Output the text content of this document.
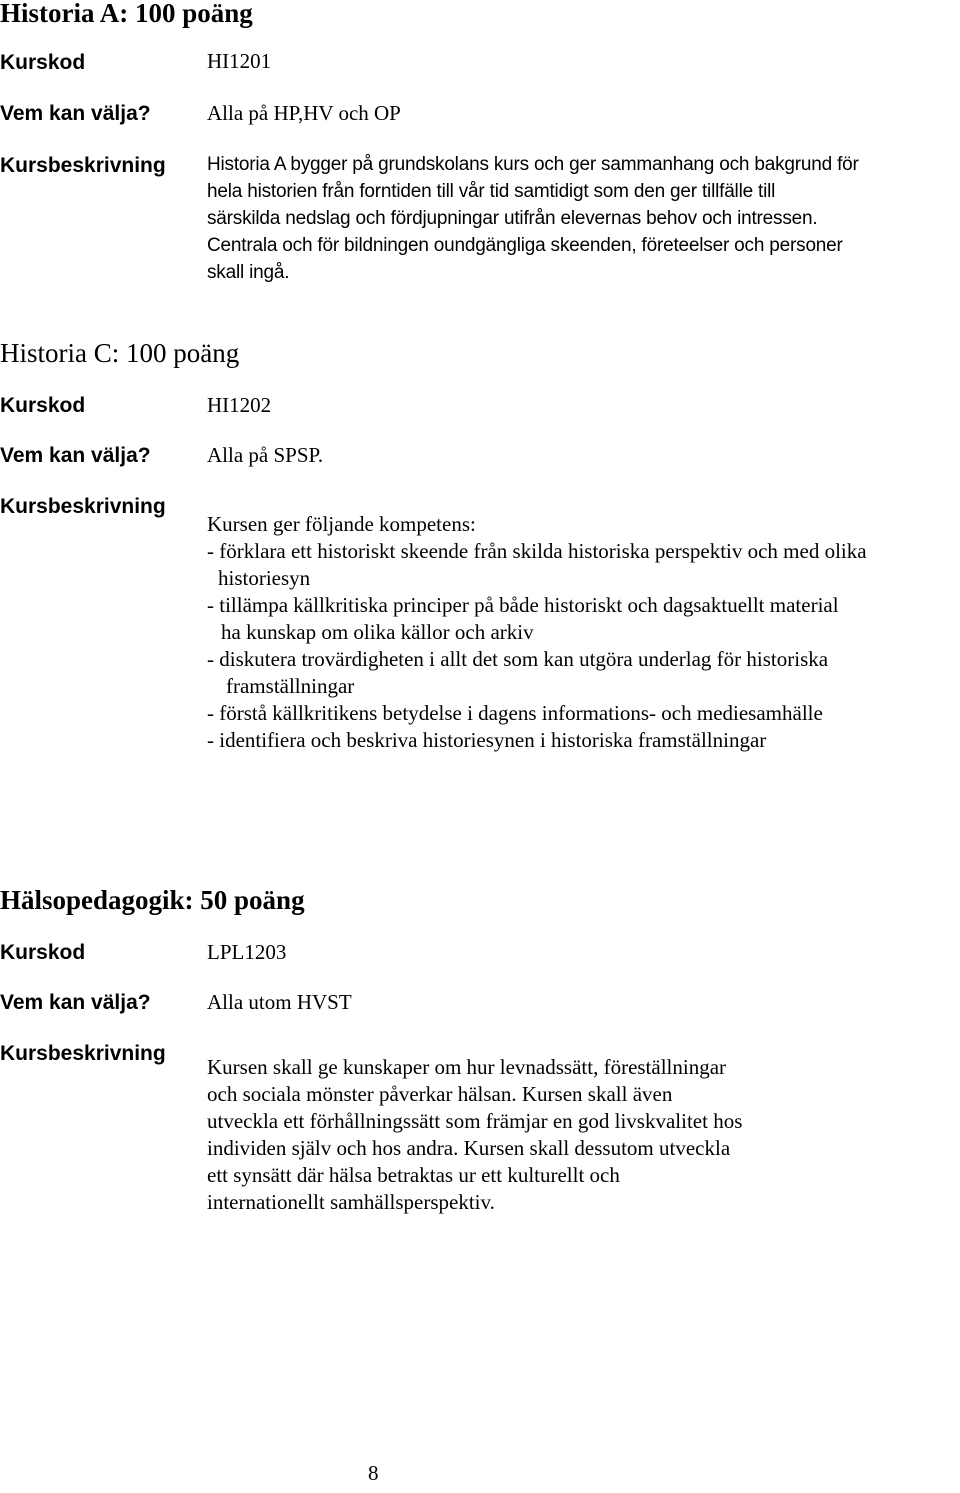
Historia A: 100 poäng
Kurskod	HI1201
Vem kan välja?	Alla på HP,HV och OP
Kursbeskrivning Historia A bygger på grundskolans kurs och ger sammanhang och bakgrund för
hela historien från forntiden till vår tid samtidigt som den ger tillfälle till
särskilda nedslag och fördjupningar utifrån elevernas behov och intressen.
Centrala och för bildningen oundgängliga skeenden, företeelser och personer
skall ingå.
Historia C: 100 poäng
Kurskod	HI1202
Vem kan välja?	Alla på SPSP.
Kursbeskrivning
Kursen ger följande kompetens:
- förklara ett historiskt skeende från skilda historiska perspektiv och med olika
historiesyn
- tillämpa källkritiska principer på både historiskt och dagsaktuellt material
ha kunskap om olika källor och arkiv
- diskutera trovärdigheten i allt det som kan utgöra underlag för historiska
framställningar
- förstå källkritikens betydelse i dagens informations- och mediesamhälle
- identifiera och beskriva historiesynen i historiska framställningar
Hälsopedagogik: 50 poäng
Kurskod	LPL1203
Vem kan välja?	Alla utom HVST
Kursbeskrivning
Kursen skall ge kunskaper om hur levnadssätt, föreställningar
och sociala mönster påverkar hälsan. Kursen skall även
utveckla ett förhållningssätt som främjar en god livskvalitet hos
individen själv och hos andra. Kursen skall dessutom utveckla
ett synsätt där hälsa betraktas ur ett kulturellt och
internationellt samhällsperspektiv.
8
